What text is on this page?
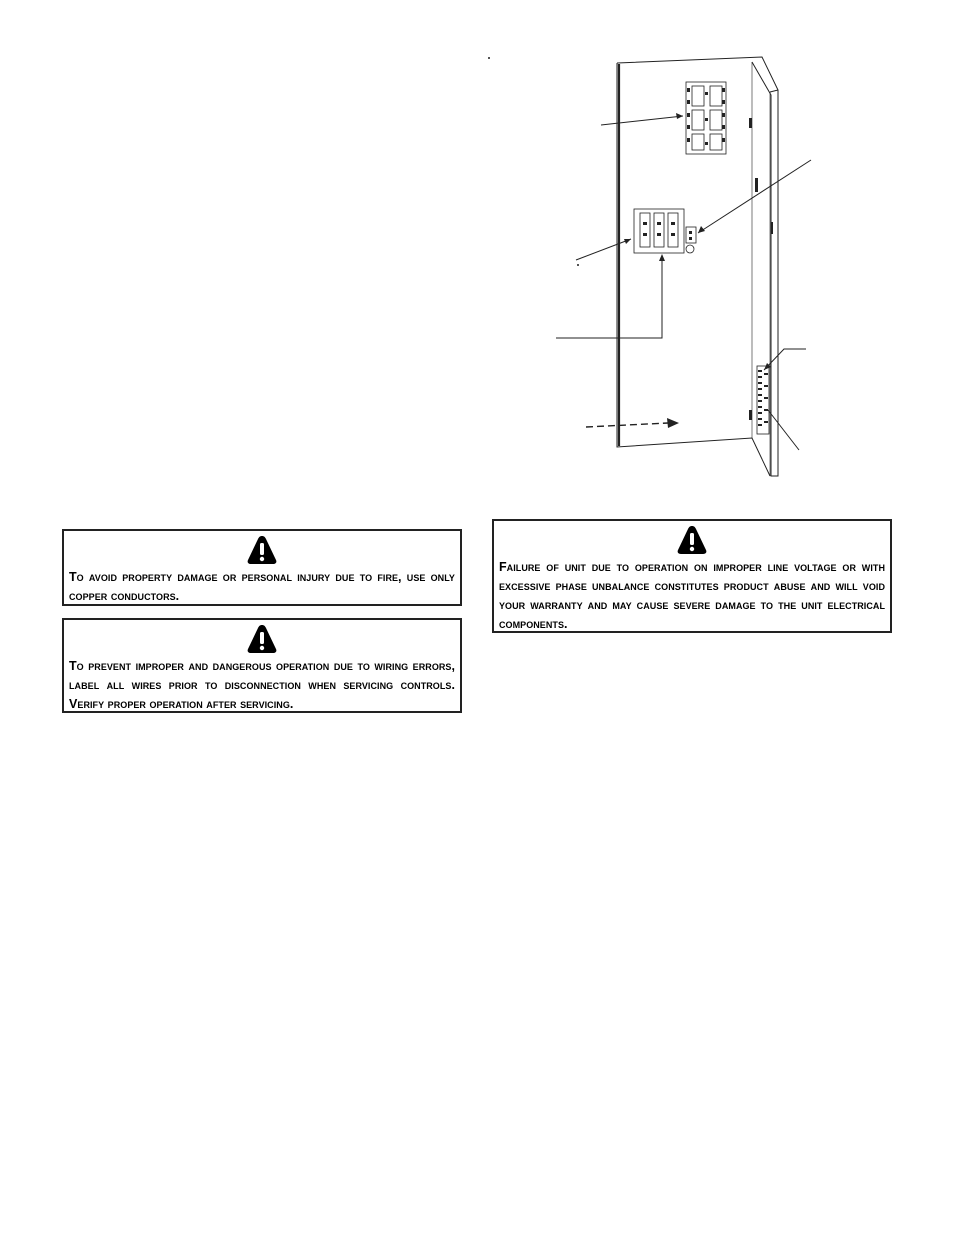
To avoid property damage or personal injury due to fire, use only copper conductors.
To prevent improper and dangerous operation due to wiring errors, label all wires prior to disconnection when servicing controls. Verify proper operation after servicing.
Failure of unit due to operation on improper line voltage or with excessive phase unbalance constitutes product abuse and will void your warranty and may cause severe damage to the unit electrical components.
